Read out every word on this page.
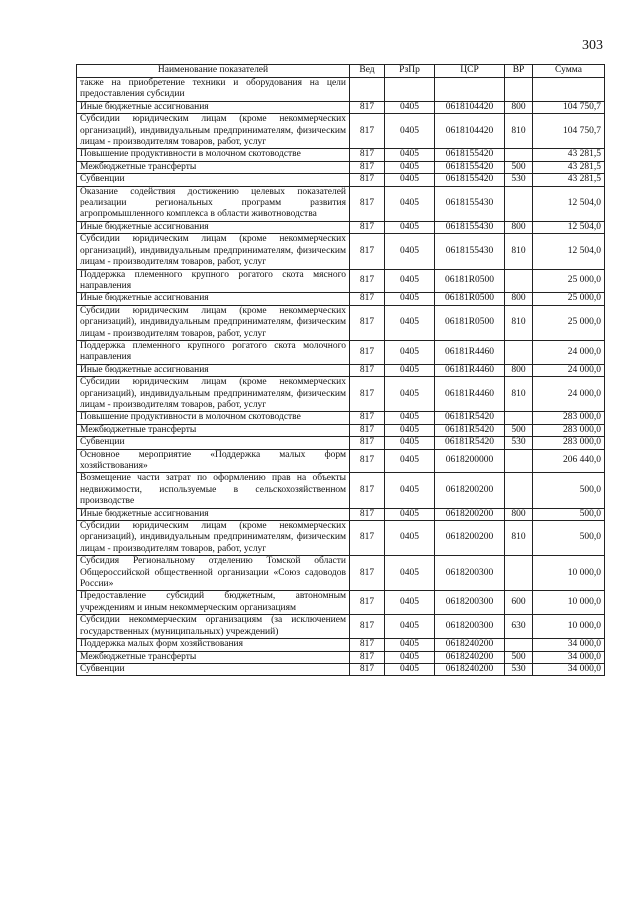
303
Наименование показателей	Вед	РзПр	ЦСР	ВР	Сумма
также на приобретение техники и оборудования на цели предоставления субсидии					
Иные бюджетные ассигнования	817	0405	0618104420	800	104 750,7
Субсидии юридическим лицам (кроме некоммерческих организаций), индивидуальным предпринимателям, физическим лицам - производителям товаров, работ, услуг	817	0405	0618104420	810	104 750,7
Повышение продуктивности в молочном скотоводстве	817	0405	0618155420		43 281,5
Межбюджетные трансферты	817	0405	0618155420	500	43 281,5
Субвенции	817	0405	0618155420	530	43 281,5
Оказание содействия достижению целевых показателей реализации региональных программ развития агропромышленного комплекса в области животноводства	817	0405	0618155430		12 504,0
Иные бюджетные ассигнования	817	0405	0618155430	800	12 504,0
Субсидии юридическим лицам (кроме некоммерческих организаций), индивидуальным предпринимателям, физическим лицам - производителям товаров, работ, услуг	817	0405	0618155430	810	12 504,0
Поддержка племенного крупного рогатого скота мясного направления	817	0405	06181R0500		25 000,0
Иные бюджетные ассигнования	817	0405	06181R0500	800	25 000,0
Субсидии юридическим лицам (кроме некоммерческих организаций), индивидуальным предпринимателям, физическим лицам - производителям товаров, работ, услуг	817	0405	06181R0500	810	25 000,0
Поддержка племенного крупного рогатого скота молочного направления	817	0405	06181R4460		24 000,0
Иные бюджетные ассигнования	817	0405	06181R4460	800	24 000,0
Субсидии юридическим лицам (кроме некоммерческих организаций), индивидуальным предпринимателям, физическим лицам - производителям товаров, работ, услуг	817	0405	06181R4460	810	24 000,0
Повышение продуктивности в молочном скотоводстве	817	0405	06181R5420		283 000,0
Межбюджетные трансферты	817	0405	06181R5420	500	283 000,0
Субвенции	817	0405	06181R5420	530	283 000,0
Основное мероприятие «Поддержка малых форм хозяйствования»	817	0405	0618200000		206 440,0
Возмещение части затрат по оформлению прав на объекты недвижимости, используемые в сельскохозяйственном производстве	817	0405	0618200200		500,0
Иные бюджетные ассигнования	817	0405	0618200200	800	500,0
Субсидии юридическим лицам (кроме некоммерческих организаций), индивидуальным предпринимателям, физическим лицам - производителям товаров, работ, услуг	817	0405	0618200200	810	500,0
Субсидия Региональному отделению Томской области Общероссийской общественной организации «Союз садоводов России»	817	0405	0618200300		10 000,0
Предоставление субсидий бюджетным, автономным учреждениям и иным некоммерческим организациям	817	0405	0618200300	600	10 000,0
Субсидии некоммерческим организациям (за исключением государственных (муниципальных) учреждений)	817	0405	0618200300	630	10 000,0
Поддержка малых форм хозяйствования	817	0405	0618240200		34 000,0
Межбюджетные трансферты	817	0405	0618240200	500	34 000,0
Субвенции	817	0405	0618240200	530	34 000,0
